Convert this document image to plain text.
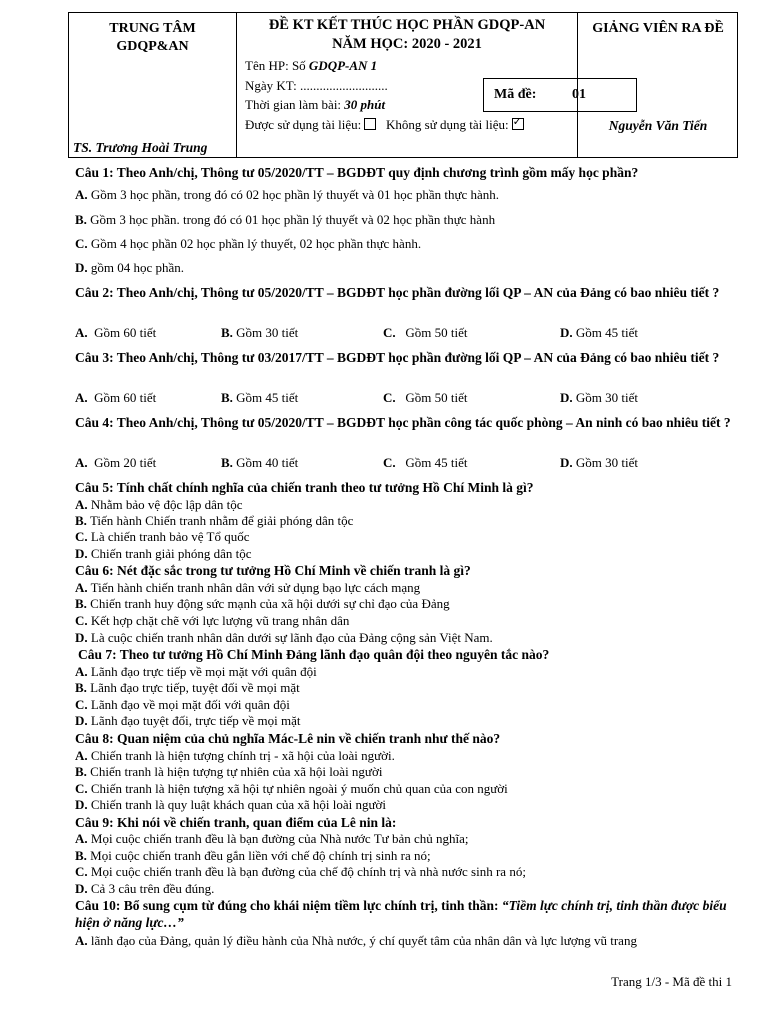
TRUNG TÂM
GDQP&AN
TS. Trương Hoài Trung
ĐỀ KT KẾT THÚC HỌC PHẦN GDQP-AN
NĂM HỌC: 2020 - 2021
Tên HP: Số GDQP-AN 1
Ngày KT: ...........................
Thời gian làm bài: 30 phút
Được sử dụng tài liệu: Không sử dụng tài liệu:✓
Mã đề:	01
GIẢNG VIÊN RA ĐỀ
Nguyễn Văn Tiến
Câu 1: Theo Anh/chị, Thông tư 05/2020/TT – BGDĐT quy định chương trình gồm mấy học phần?
A. Gồm 3 học phần, trong đó có 02 học phần lý thuyết và 01 học phần thực hành.
B. Gồm 3 học phần. trong đó có 01 học phần lý thuyết và 02 học phần thực hành
C. Gồm 4 học phần 02 học phần lý thuyết, 02 học phần thực hành.
D. gồm 04 học phần.
Câu 2: Theo Anh/chị, Thông tư 05/2020/TT – BGDĐT học phần đường lối QP – AN của Đảng có bao nhiêu tiết ?
A. Gồm 60 tiết	B. Gồm 30 tiết	C. Gồm 50 tiết	D. Gồm 45 tiết
Câu 3: Theo Anh/chị, Thông tư 03/2017/TT – BGDĐT học phần đường lối QP – AN của Đảng có bao nhiêu tiết ?
A. Gồm 60 tiết	B. Gồm 45 tiết	C. Gồm 50 tiết	D. Gồm 30 tiết
Câu 4: Theo Anh/chị, Thông tư 05/2020/TT – BGDĐT học phần công tác quốc phòng – An ninh có bao nhiêu tiết ?
A. Gồm 20 tiết	B. Gồm 40 tiết	C. Gồm 45 tiết	D. Gồm 30 tiết
Câu 5: Tính chất chính nghĩa của chiến tranh theo tư tưởng Hồ Chí Minh là gì?
A. Nhằm bảo vệ độc lập dân tộc
B. Tiến hành Chiến tranh nhằm để giải phóng dân tộc
C. Là chiến tranh bảo vệ Tổ quốc
D. Chiến tranh giải phóng dân tộc
Câu 6: Nét đặc sắc trong tư tưởng Hồ Chí Minh về chiến tranh là gì?
A. Tiến hành chiến tranh nhân dân với sử dụng bạo lực cách mạng
B. Chiến tranh huy động sức mạnh của xã hội dưới sự chỉ đạo của Đảng
C. Kết hợp chặt chẽ với lực lượng vũ trang nhân dân
D. Là cuộc chiến tranh nhân dân dưới sự lãnh đạo của Đảng cộng sản Việt Nam.
Câu 7: Theo tư tưởng Hồ Chí Minh Đảng lãnh đạo quân đội theo nguyên tắc nào?
A. Lãnh đạo trực tiếp về mọi mặt với quân đội
B. Lãnh đạo trực tiếp, tuyệt đối về mọi mặt
C. Lãnh đạo về mọi mặt đối với quân đội
D. Lãnh đạo tuyệt đối, trực tiếp về mọi mặt
Câu 8: Quan niệm của chủ nghĩa Mác-Lê nin về chiến tranh như thế nào?
A. Chiến tranh là hiện tượng chính trị - xã hội của loài người.
B. Chiến tranh là hiện tượng tự nhiên của xã hội loài người
C. Chiến tranh là hiện tượng xã hội tự nhiên ngoài ý muốn chủ quan của con người
D. Chiến tranh là quy luật khách quan của xã hội loài người
Câu 9: Khi nói về chiến tranh, quan điểm của Lê nin là:
A. Mọi cuộc chiến tranh đều là bạn đường của Nhà nước Tư bản chủ nghĩa;
B. Mọi cuộc chiến tranh đều gắn liền với chế độ chính trị sinh ra nó;
C. Mọi cuộc chiến tranh đều là bạn đường của chế độ chính trị và nhà nước sinh ra nó;
D. Cả 3 câu trên đều đúng.
Câu 10: Bổ sung cụm từ đúng cho khái niệm tiềm lực chính trị, tinh thần: “Tiềm lực chính trị, tinh thần được biểu hiện ở năng lực…”
A. lãnh đạo của Đảng, quản lý điều hành của Nhà nước, ý chí quyết tâm của nhân dân và lực lượng vũ trang
Trang 1/3 - Mã đề thi 1
